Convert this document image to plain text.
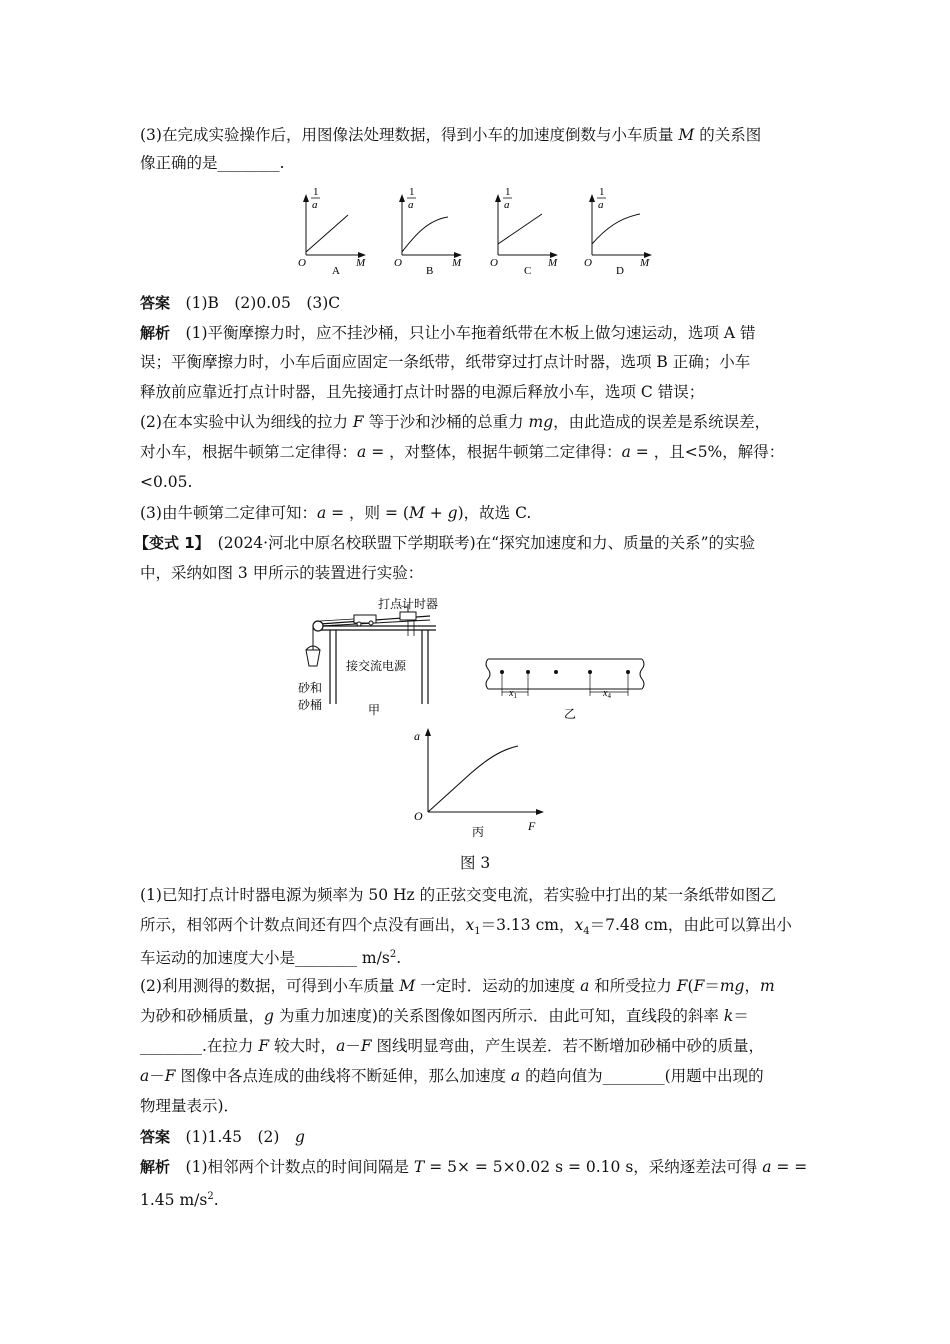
(3)在完成实验操作后，用图像法处理数据，得到小车的加速度倒数与小车质量 M 的关系图
像正确的是________.
1
a
O	M
A
1
a
O	M
B
1
a
O	M
C
1
a
O	M
D
答案　 (1)B　(2)0.05　(3)C
解析　 (1)平衡摩擦力时，应不挂沙桶，只让小车拖着纸带在木板上做匀速运动，选项 A 错
误；平衡摩擦力时，小车后面应固定一条纸带，纸带穿过打点计时器，选项 B 正确；小车
释放前应靠近打点计时器，且先接通打点计时器的电源后释放小车，选项 C 错误；
(2)在本实验中认为细线的拉力 F 等于沙和沙桶的总重力 mg，由此造成的误差是系统误差，
对小车，根据牛顿第二定律得：a = ，对整体，根据牛顿第二定律得：a = ，且<5%，解得：
<0.05.
(3)由牛顿第二定律可知：a = ，则 = (M + g)，故选 C.
【变式 1】　(2024·河北中原名校联盟下学期联考)在“探究加速度和力、质量的关系”的实验
中，采纳如图 3 甲所示的装置进行实验：
打点计时器
接交流电源
砂和
砂桶	甲
$x_1$	$x_4$
乙
a
O
F
丙
图 3
(1)已知打点计时器电源为频率为 50 Hz 的正弦交变电流，若实验中打出的某一条纸带如图乙
所示，相邻两个计数点间还有四个点没有画出，$x_1=3.13$ cm，$x_4=7.48$ cm，由此可以算出小
车运动的加速度大小是________ $m/s^2$.
(2)利用测得的数据，可得到小车质量 M 一定时．运动的加速度 a 和所受拉力 F(F＝mg，m
为砂和砂桶质量，g 为重力加速度)的关系图像如图丙所示．由此可知，直线段的斜率 k＝
________.在拉力 F 较大时，a－F 图线明显弯曲，产生误差．若不断增加砂桶中砂的质量，
a－F 图像中各点连成的曲线将不断延伸，那么加速度 a 的趋向值为________(用题中出现的
物理量表示)．
答案　 (1)1.45　(2)　g
解析　 (1)相邻两个计数点的时间间隔是 T = 5× = 5×0.02 s = 0.10 s，采纳逐差法可得 a = =
1.45 $m/s^2$.
